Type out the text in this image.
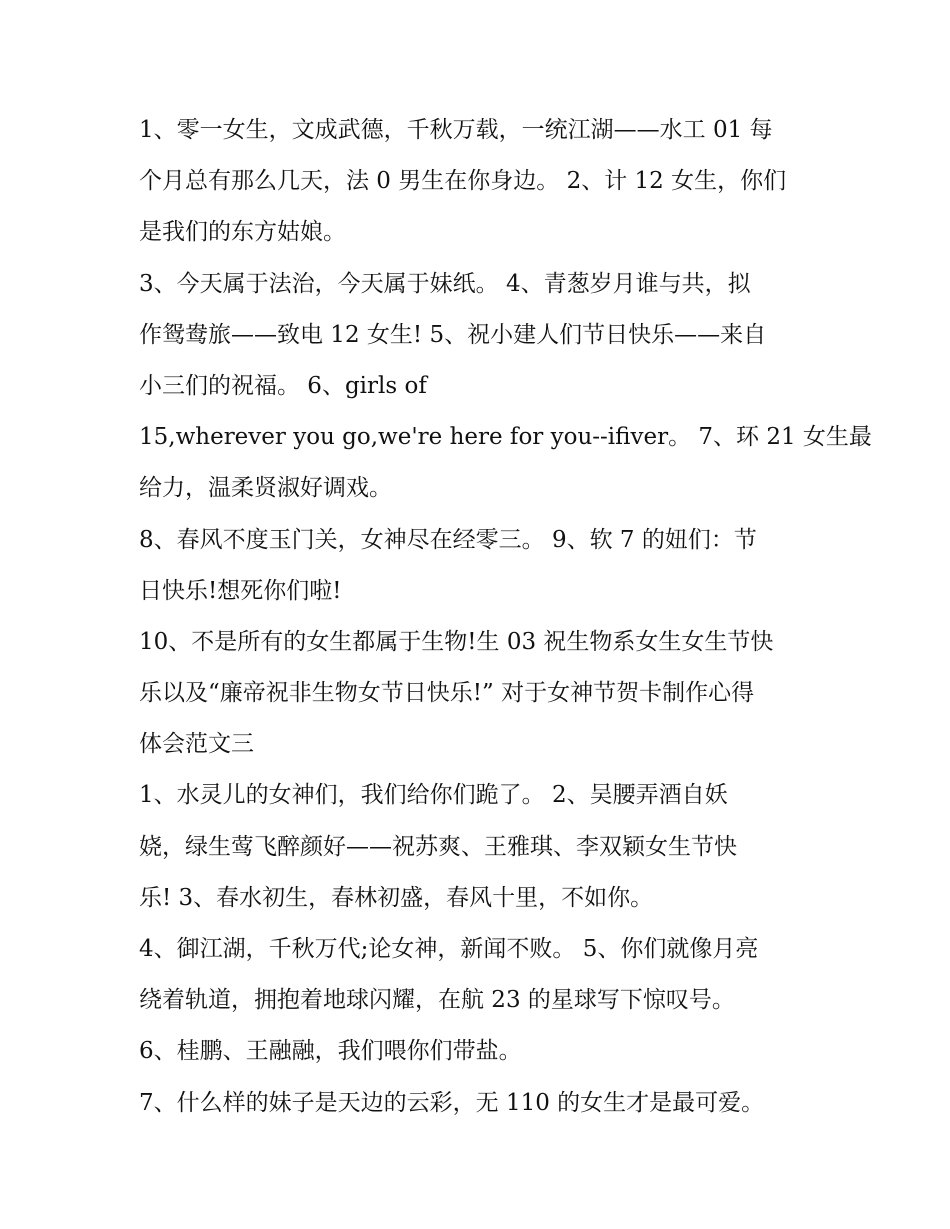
1、零一女生，文成武德，千秋万载，一统江湖——水工 01 每
个月总有那么几天，法 0 男生在你身边。 2、计 12 女生，你们
是我们的东方姑娘。
3、今天属于法治，今天属于妹纸。 4、青葱岁月谁与共，拟
作鸳鸯旅——致电 12 女生! 5、祝小建人们节日快乐——来自
小三们的祝福。 6、girls of
15,wherever you go,we're here for you--ifiver。 7、环 21 女生最
给力，温柔贤淑好调戏。
8、春风不度玉门关，女神尽在经零三。 9、软 7 的妞们：节
日快乐!想死你们啦!
10、不是所有的女生都属于生物!生 03 祝生物系女生女生节快
乐以及“廉帝祝非生物女节日快乐!” 对于女神节贺卡制作心得
体会范文三
1、水灵儿的女神们，我们给你们跪了。 2、吴腰弄酒自妖
娆，绿生莺飞醉颜好——祝苏爽、王雅琪、李双颖女生节快
乐! 3、春水初生，春林初盛，春风十里，不如你。
4、御江湖，千秋万代;论女神，新闻不败。 5、你们就像月亮
绕着轨道，拥抱着地球闪耀，在航 23 的星球写下惊叹号。
6、桂鹏、王融融，我们喂你们带盐。
7、什么样的妹子是天边的云彩，无 110 的女生才是最可爱。
